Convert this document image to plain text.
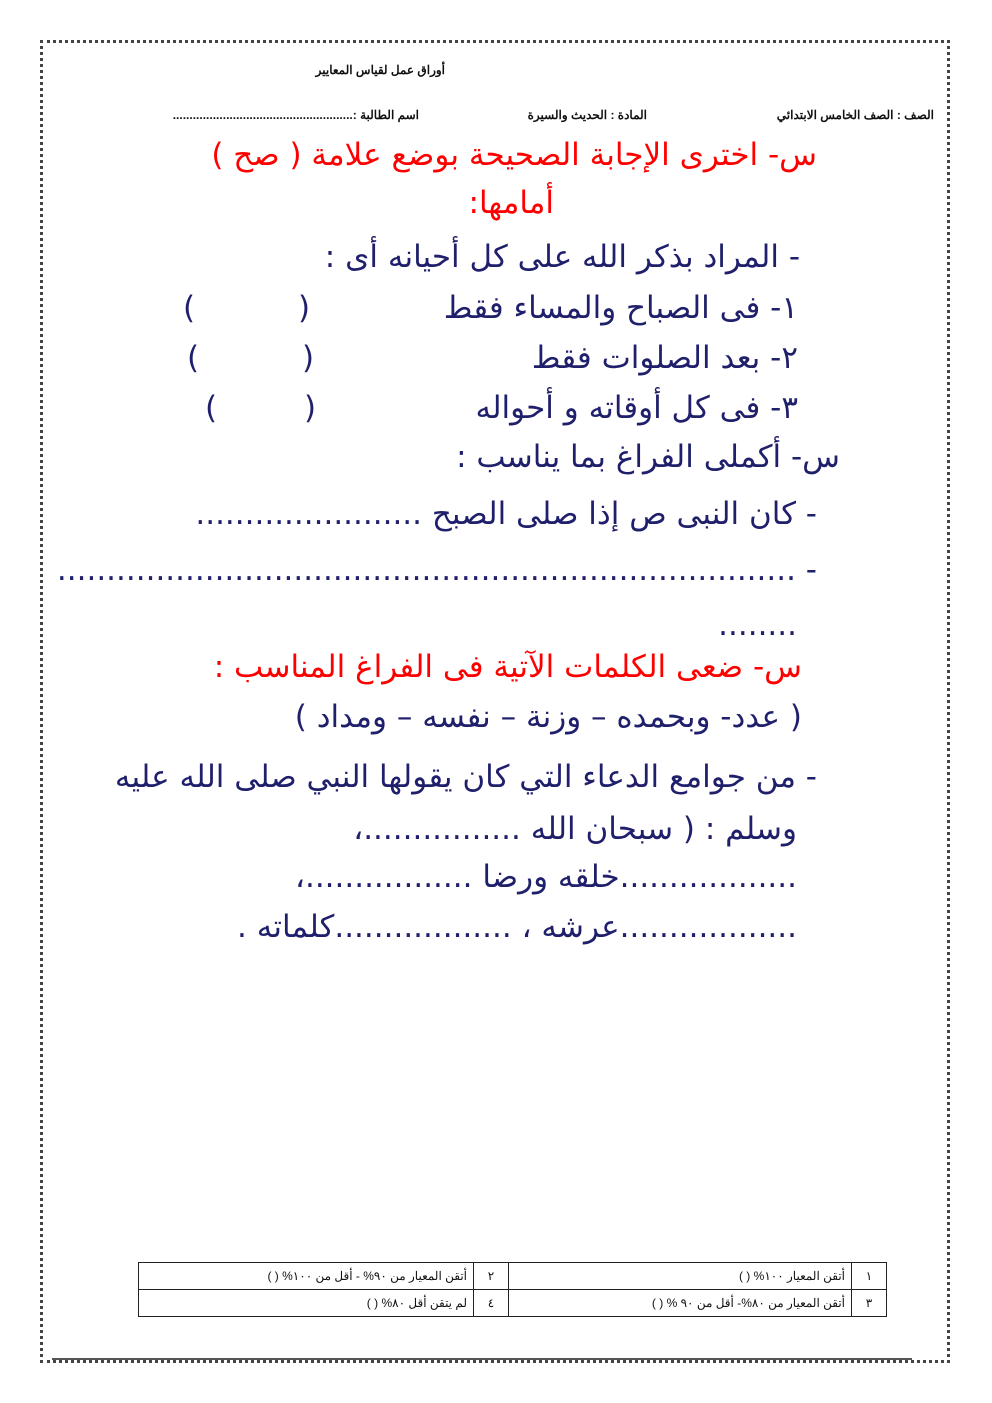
أوراق عمل لقياس المعايير
الصف : الصف الخامس الابتدائي
المادة : الحديث والسيرة
اسم الطالبة :......................................................
س- اخترى الإجابة الصحيحة بوضع علامة ( صح )
أمامها:
- المراد بذكر الله على كل أحيانه أى :
١- فى الصباح والمساء فقط
٢- بعد الصلوات فقط
٣- فى كل أوقاته و أحواله
(
)
(
)
(
)
س- أكملى الفراغ بما يناسب :
- كان النبى ص إذا صلى الصبح .......................
- ...........................................................................
........
س- ضعى الكلمات الآتية فى الفراغ المناسب :
( عدد- وبحمده – وزنة – نفسه – ومداد )
- من جوامع الدعاء التي كان يقولها النبي صلى الله عليه
وسلم : ( سبحان الله ................،
..................خلقه ورضا .................،
..................عرشه ، ..................كلماته .
١	أتقن المعيار ١٠٠% ( )	٢	أتقن المعيار من ٩٠% - أقل من ١٠٠% ( )
٣	أتقن المعيار من ٨٠%- أقل من ٩٠ % ( )	٤	لم يتقن أقل ٨٠% ( )
